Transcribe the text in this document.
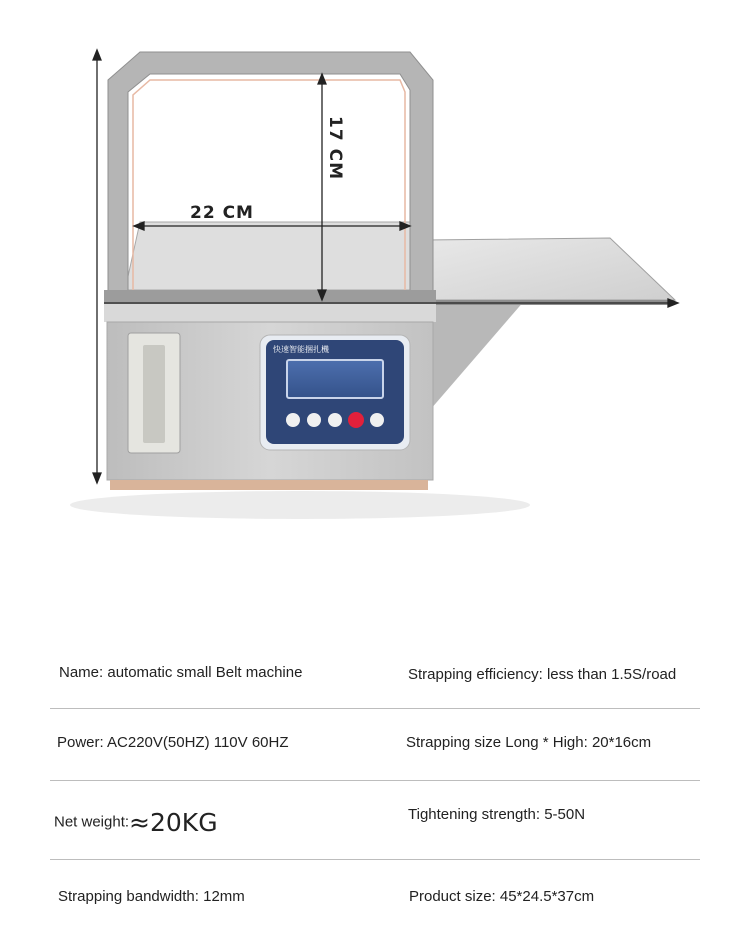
22 CM
17 CM
快速智能捆扎機
Name: automatic small Belt machine	Strapping efficiency: less than 1.5S/road
Power: AC220V(50HZ) 110V 60HZ	Strapping size Long * High: 20*16cm
Net weight:≈20KG	Tightening strength: 5-50N
Strapping bandwidth: 12mm	Product size: 45*24.5*37cm
